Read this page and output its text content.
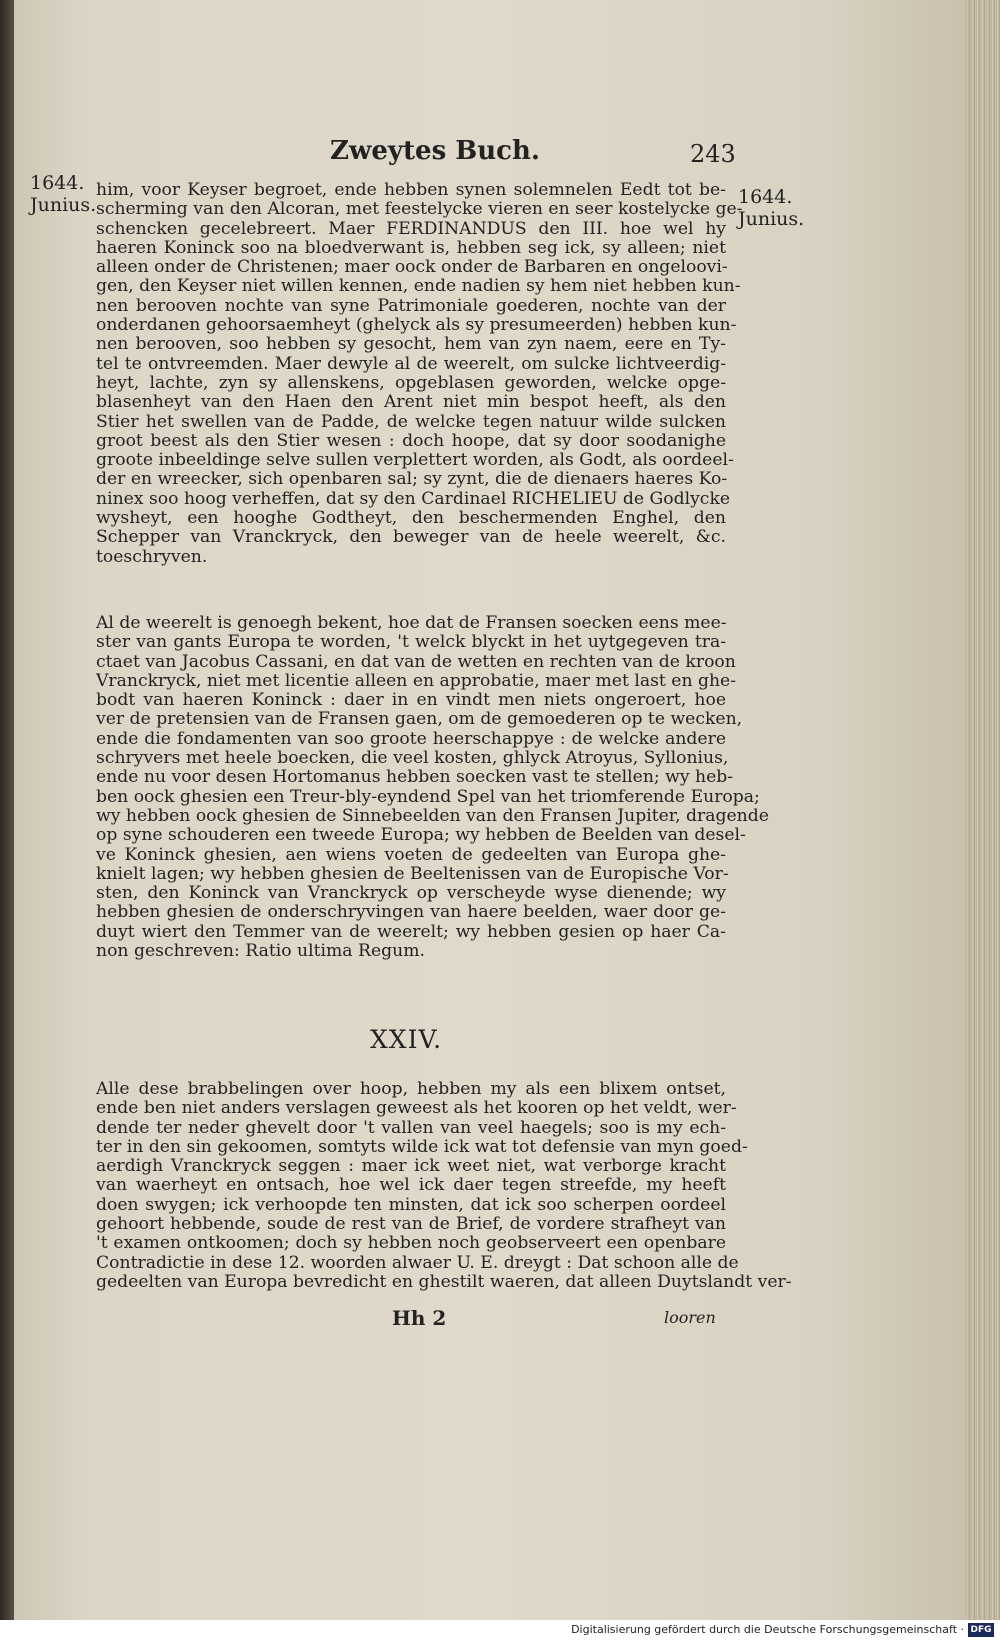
Zweytes Buch.	243
1644.
Junius.	1644.
Junius.
him, voor Keyser begroet, ende hebben synen solemnelen Eedt tot be-
scherming van den Alcoran, met feestelycke vieren en seer kostelycke ge-
schencken gecelebreert. Maer FERDINANDUS den III. hoe wel hy
haeren Koninck soo na bloedverwant is, hebben seg ick, sy alleen; niet
alleen onder de Christenen; maer oock onder de Barbaren en ongeloovi-
gen, den Keyser niet willen kennen, ende nadien sy hem niet hebben kun-
nen berooven nochte van syne Patrimoniale goederen, nochte van der
onderdanen gehoorsaemheyt (ghelyck als sy presumeerden) hebben kun-
nen berooven, soo hebben sy gesocht, hem van zyn naem, eere en Ty-
tel te ontvreemden. Maer dewyle al de weerelt, om sulcke lichtveerdig-
heyt, lachte, zyn sy allenskens, opgeblasen geworden, welcke opge-
blasenheyt van den Haen den Arent niet min bespot heeft, als den
Stier het swellen van de Padde, de welcke tegen natuur wilde sulcken
groot beest als den Stier wesen : doch hoope, dat sy door soodanighe
groote inbeeldinge selve sullen verplettert worden, als Godt, als oordeel-
der en wreecker, sich openbaren sal; sy zynt, die de dienaers haeres Ko-
ninex soo hoog verheffen, dat sy den Cardinael RICHELIEU de Godlycke
wysheyt, een hooghe Godtheyt, den beschermenden Enghel, den
Schepper van Vranckryck, den beweger van de heele weerelt, &c.
toeschryven.
Al de weerelt is genoegh bekent, hoe dat de Fransen soecken eens mee-
ster van gants Europa te worden, 't welck blyckt in het uytgegeven tra-
ctaet van Jacobus Cassani, en dat van de wetten en rechten van de kroon
Vranckryck, niet met licentie alleen en approbatie, maer met last en ghe-
bodt van haeren Koninck : daer in en vindt men niets ongeroert, hoe
ver de pretensien van de Fransen gaen, om de gemoederen op te wecken,
ende die fondamenten van soo groote heerschappye : de welcke andere
schryvers met heele boecken, die veel kosten, ghlyck Atroyus, Syllonius,
ende nu voor desen Hortomanus hebben soecken vast te stellen; wy heb-
ben oock ghesien een Treur-bly-eyndend Spel van het triomferende Europa;
wy hebben oock ghesien de Sinnebeelden van den Fransen Jupiter, dragende
op syne schouderen een tweede Europa; wy hebben de Beelden van desel-
ve Koninck ghesien, aen wiens voeten de gedeelten van Europa ghe-
knielt lagen; wy hebben ghesien de Beeltenissen van de Europische Vor-
sten, den Koninck van Vranckryck op verscheyde wyse dienende; wy
hebben ghesien de onderschryvingen van haere beelden, waer door ge-
duyt wiert den Temmer van de weerelt; wy hebben gesien op haer Ca-
non geschreven: Ratio ultima Regum.
XXIV.
Alle dese brabbelingen over hoop, hebben my als een blixem ontset,
ende ben niet anders verslagen geweest als het kooren op het veldt, wer-
dende ter neder ghevelt door 't vallen van veel haegels; soo is my ech-
ter in den sin gekoomen, somtyts wilde ick wat tot defensie van myn goed-
aerdigh Vranckryck seggen : maer ick weet niet, wat verborge kracht
van waerheyt en ontsach, hoe wel ick daer tegen streefde, my heeft
doen swygen; ick verhoopde ten minsten, dat ick soo scherpen oordeel
gehoort hebbende, soude de rest van de Brief, de vordere strafheyt van
't examen ontkoomen; doch sy hebben noch geobserveert een openbare
Contradictie in dese 12. woorden alwaer U. E. dreygt : Dat schoon alle de
gedeelten van Europa bevredicht en ghestilt waeren, dat alleen Duytslandt ver-
Hh 2	looren
Digitalisierung gefördert durch die Deutsche Forschungsgemeinschaft · DFG
